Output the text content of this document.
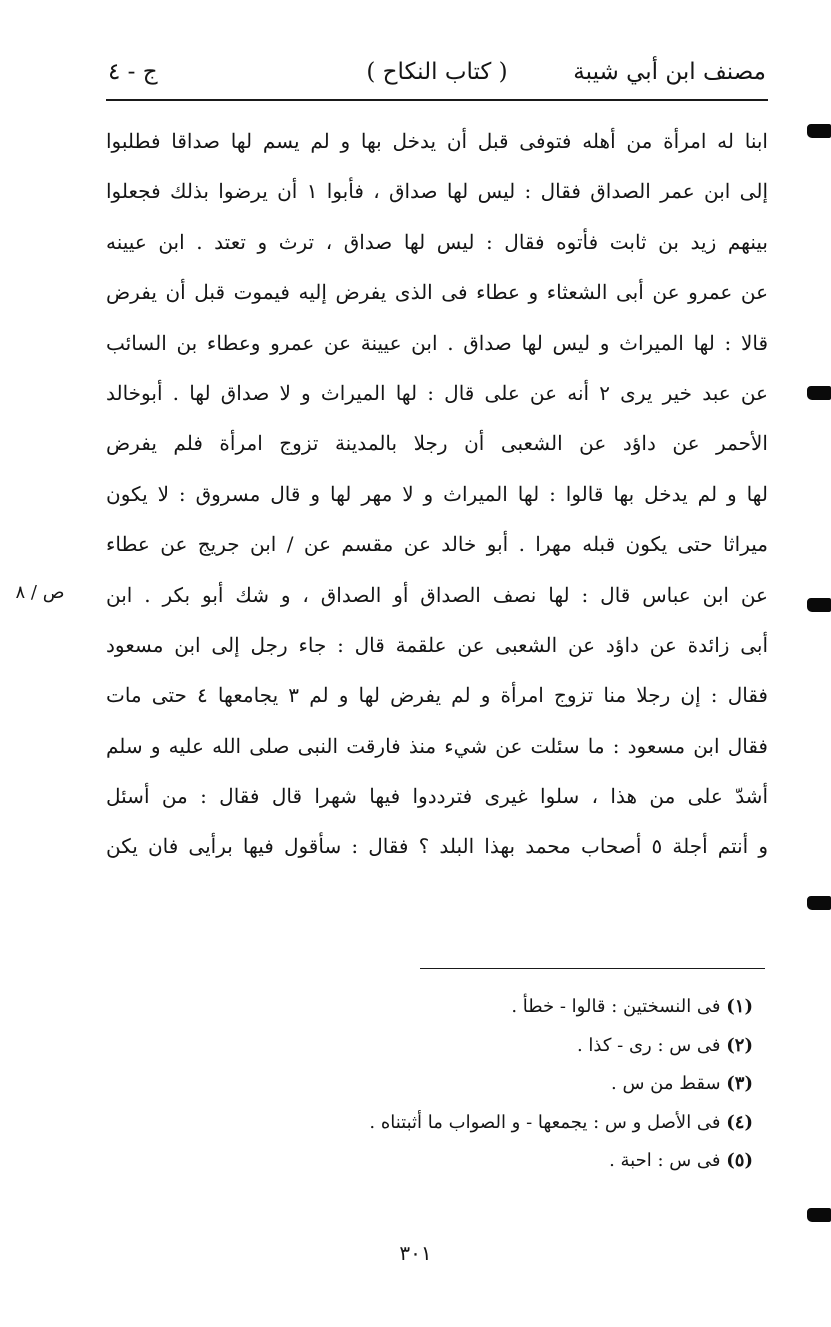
مصنف ابن أبي شيبة
( كتاب النكاح )
ج - ٤
ابنا له امرأة من أهله فتوفى قبل أن يدخل بها و لم يسم لها صداقا فطلبوا
إلى ابن عمر الصداق فقال : ليس لها صداق ، فأبوا ١ أن يرضوا بذلك فجعلوا
بينهم زيد بن ثابت فأتوه فقال : ليس لها صداق ، ترث و تعتد . ابن عيينه
عن عمرو عن أبى الشعثاء و عطاء فى الذى يفرض إليه فيموت قبل أن يفرض
قالا : لها الميراث و ليس لها صداق . ابن عيينة عن عمرو وعطاء بن السائب
عن عبد خير يرى ٢ أنه عن على قال : لها الميراث و لا صداق لها . أبوخالد
الأحمر عن داؤد عن الشعبى أن رجلا بالمدينة تزوج امرأة فلم يفرض
لها و لم يدخل بها قالوا : لها الميراث و لا مهر لها و قال مسروق : لا يكون
ميراثا حتى يكون قبله مهرا . أبو خالد عن مقسم عن / ابن جريج عن عطاء
عن ابن عباس قال : لها نصف الصداق أو الصداق ، و شك أبو بكر . ابن
أبى زائدة عن داؤد عن الشعبى عن علقمة قال : جاء رجل إلى ابن مسعود
فقال : إن رجلا منا تزوج امرأة و لم يفرض لها و لم ٣ يجامعها ٤ حتى مات
فقال ابن مسعود : ما سئلت عن شيء منذ فارقت النبى صلى الله عليه و سلم
أشدّ على من هذا ، سلوا غيرى فترددوا فيها شهرا قال فقال : من أسئل
و أنتم أجلة ٥ أصحاب محمد بهذا البلد ؟ فقال : سأقول فيها برأيى فان يكن
ص / ٨
(١) فى النسختين : قالوا - خطأ .
(٢) فى س : رى - كذا .
(٣) سقط من س .
(٤) فى الأصل و س : يجمعها - و الصواب ما أثبتناه .
(٥) فى س : احبة .
٣٠١
